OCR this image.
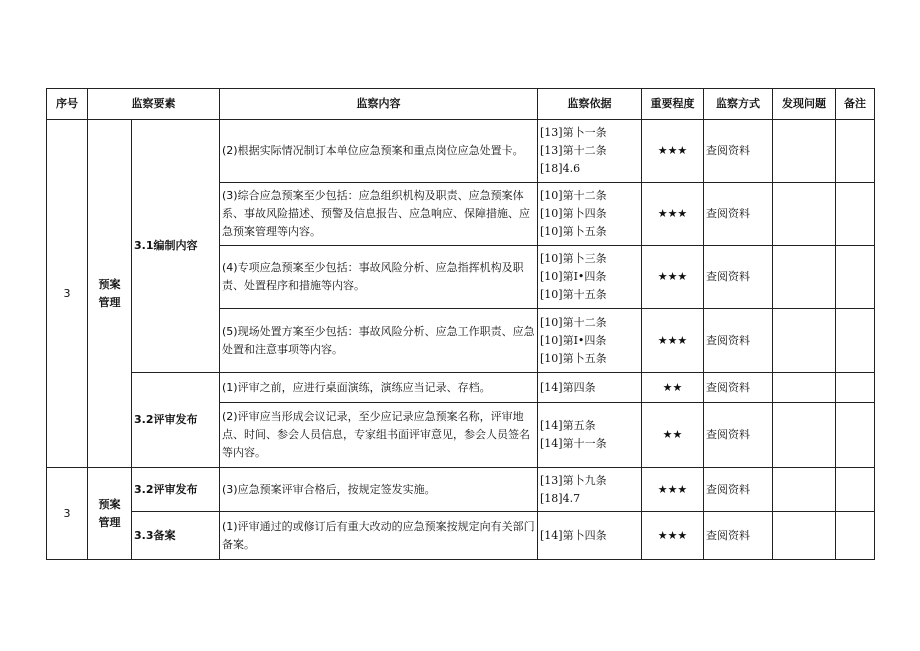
序号	监察要素		监察内容	监察依据	重要程度	监察方式	发现问题	备注
3	预案管理	3.1编制内容	(2)根据实际情况制订本单位应急预案和重点岗位应急处置卡。	[13]第卜一条
[13]第十二条
[18]4.6	★★★	查阅资料		
			(3)综合应急预案至少包括：应急组织机构及职责、应急预案体系、事故风险描述、预警及信息报告、应急响应、保障措施、应急预案管理等内容。	[10]第十二条
[10]第卜四条
[10]第卜五条	★★★	查阅资料		
			(4)专项应急预案至少包括：事故风险分析、应急指挥机构及职责、处置程序和措施等内容。	[10]第卜三条
[10]第I•四条
[10]第十五条	★★★	查阅资料		
			(5)现场处置方案至少包括：事故风险分析、应急工作职责、应急处置和注意事项等内容。	[10]第十二条
[10]第I•四条
[10]第卜五条	★★★	查阅资料		
		3.2评审发布	(1)评审之前，应进行桌面演练，演练应当记录、存档。	[14]第四条	★★	查阅资料		
			(2)评审应当形成会议记录，至少应记录应急预案名称，评审地点、时间、参会人员信息，专家组书面评审意见，参会人员签名等内容。	[14]第五条
[14]第十一条	★★	查阅资料		
3	预案管理	3.2评审发布	(3)应急预案评审合格后，按规定签发实施。	[13]第卜九条
[18]4.7	★★★	查阅资料		
		3.3备案	(1)评审通过的或修订后有重大改动的应急预案按规定向有关部门备案。	[14]第卜四条	★★★	查阅资料		
